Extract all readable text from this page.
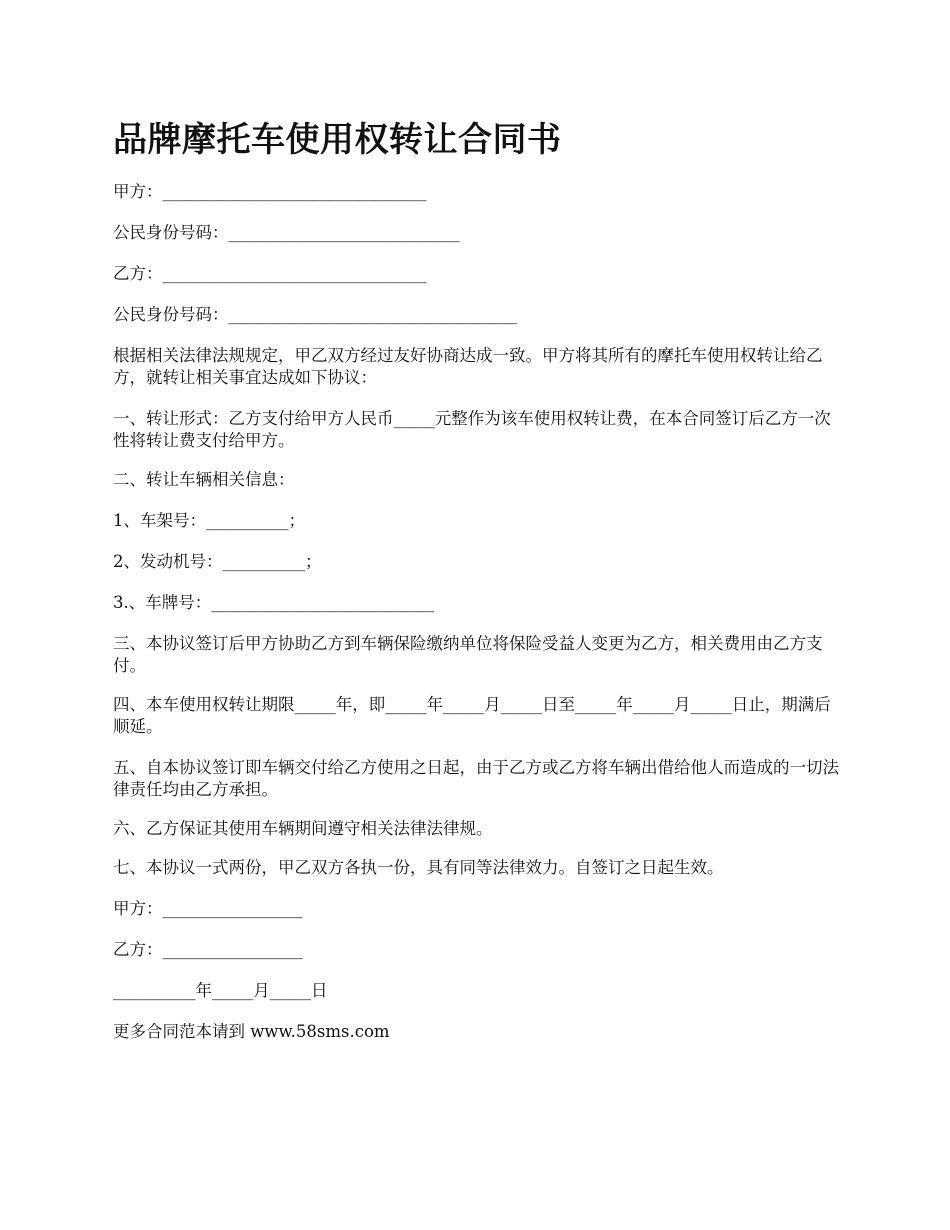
品牌摩托车使用权转让合同书
甲方：________________________________
公民身份号码：____________________________
乙方：________________________________
公民身份号码：___________________________________
根据相关法律法规规定，甲乙双方经过友好协商达成一致。甲方将其所有的摩托车使用权转让给乙方，就转让相关事宜达成如下协议：
一、转让形式：乙方支付给甲方人民币_____元整作为该车使用权转让费，在本合同签订后乙方一次性将转让费支付给甲方。
二、转让车辆相关信息：
1、车架号：__________；
2、发动机号：__________；
3.、车牌号：___________________________
三、本协议签订后甲方协助乙方到车辆保险缴纳单位将保险受益人变更为乙方，相关费用由乙方支付。
四、本车使用权转让期限_____年，即_____年_____月_____日至_____年_____月_____日止，期满后顺延。
五、自本协议签订即车辆交付给乙方使用之日起，由于乙方或乙方将车辆出借给他人而造成的一切法律责任均由乙方承担。
六、乙方保证其使用车辆期间遵守相关法律法律规。
七、本协议一式两份，甲乙双方各执一份，具有同等法律效力。自签订之日起生效。
甲方：_________________
乙方：_________________
__________年_____月_____日
更多合同范本请到 www.58sms.com
